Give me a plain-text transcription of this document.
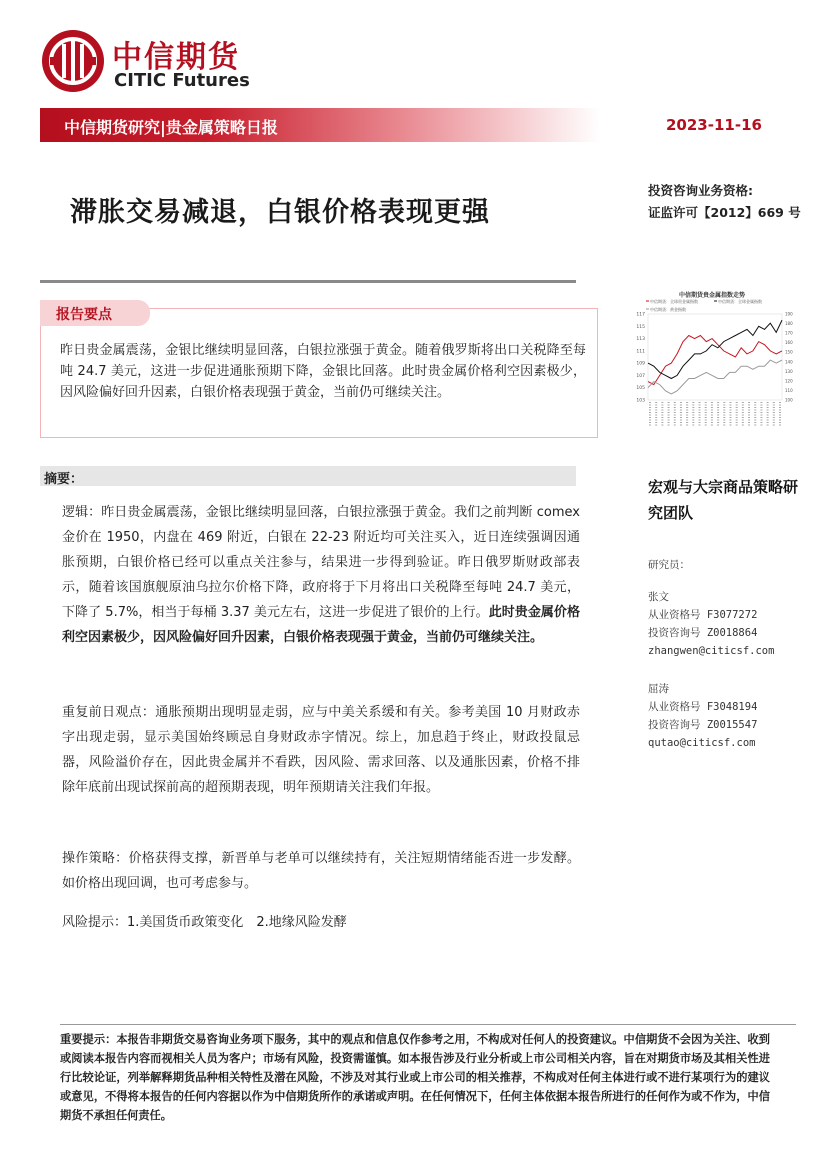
中信期货
CITIC Futures
中信期货研究|贵金属策略日报	2023-11-16
滞胀交易减退，白银价格表现更强
投资咨询业务资格:
证监许可【2012】669 号
报告要点
昨日贵金属震荡，金银比继续明显回落，白银拉涨强于黄金。随着俄罗斯将出口关税降至每吨 24.7 美元，这进一步促进通胀预期下降，金银比回落。此时贵金属价格利空因素极少，因风险偏好回升因素，白银价格表现强于黄金，当前仍可继续关注。
中信期货贵金属指数走势
中信期货：全球贵金属指数	中信期货：全球金属指数
中信期货：黄金指数
117
115
113
111
109
107
105
103
190
180
170
160
150
140
130
120
110
100
摘要：
逻辑：昨日贵金属震荡，金银比继续明显回落，白银拉涨强于黄金。我们之前判断 comex 金价在 1950，内盘在 469 附近，白银在 22-23 附近均可关注买入，近日连续强调因通胀预期，白银价格已经可以重点关注参与，结果进一步得到验证。昨日俄罗斯财政部表示，随着该国旗舰原油乌拉尔价格下降，政府将于下月将出口关税降至每吨 24.7 美元，下降了 5.7%，相当于每桶 3.37 美元左右，这进一步促进了银价的上行。此时贵金属价格利空因素极少，因风险偏好回升因素，白银价格表现强于黄金，当前仍可继续关注。
重复前日观点：通胀预期出现明显走弱，应与中美关系缓和有关。参考美国 10 月财政赤字出现走弱，显示美国始终顾忌自身财政赤字情况。综上，加息趋于终止，财政投鼠忌器，风险溢价存在，因此贵金属并不看跌，因风险、需求回落、以及通胀因素，价格不排除年底前出现试探前高的超预期表现，明年预期请关注我们年报。
操作策略：价格获得支撑，新晋单与老单可以继续持有，关注短期情绪能否进一步发酵。如价格出现回调，也可考虑参与。
风险提示：1.美国货币政策变化　2.地缘风险发酵
宏观与大宗商品策略研究团队
研究员：
张文
从业资格号 F3077272
投资咨询号 Z0018864
zhangwen@citicsf.com
屈涛
从业资格号 F3048194
投资咨询号 Z0015547
qutao@citicsf.com
重要提示：本报告非期货交易咨询业务项下服务，其中的观点和信息仅作参考之用，不构成对任何人的投资建议。中信期货不会因为关注、收到或阅读本报告内容而视相关人员为客户；市场有风险，投资需谨慎。如本报告涉及行业分析或上市公司相关内容，旨在对期货市场及其相关性进行比较论证，列举解释期货品种相关特性及潜在风险，不涉及对其行业或上市公司的相关推荐，不构成对任何主体进行或不进行某项行为的建议或意见，不得将本报告的任何内容据以作为中信期货所作的承诺或声明。在任何情况下，任何主体依据本报告所进行的任何作为或不作为，中信期货不承担任何责任。
